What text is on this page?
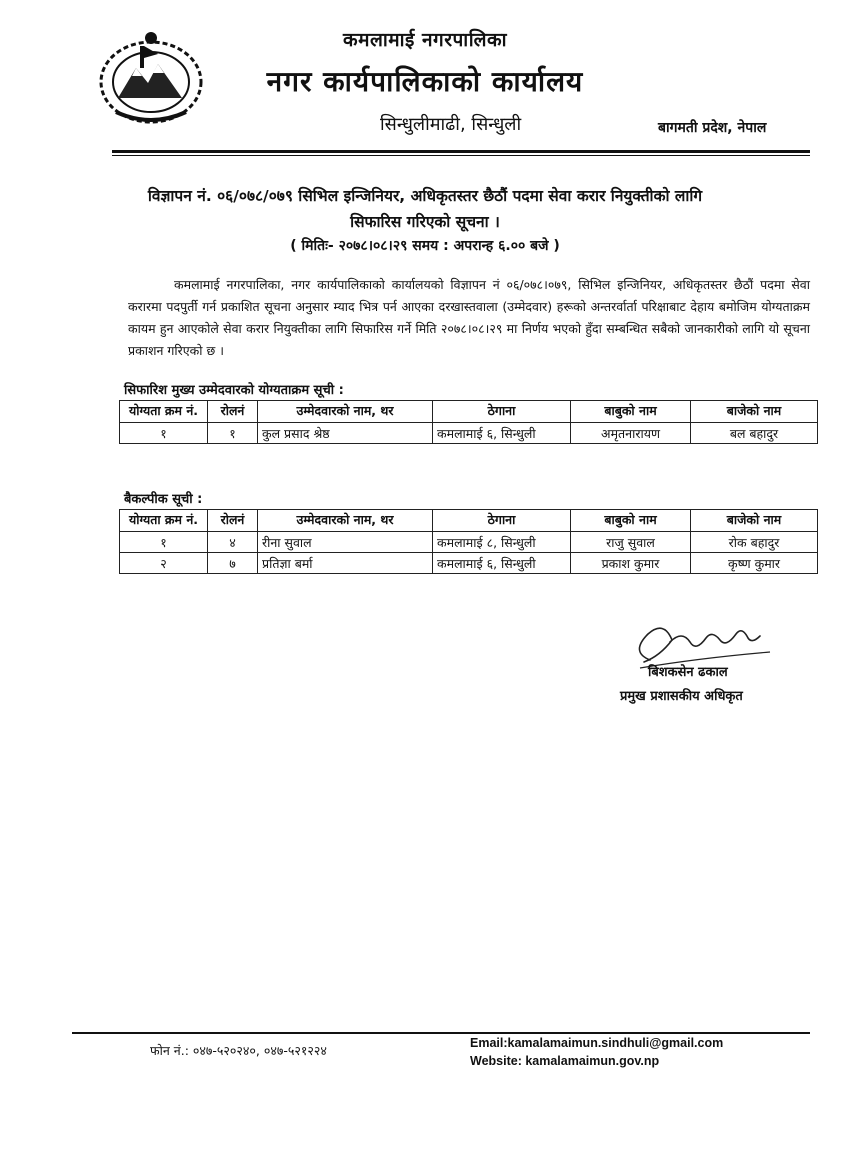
कमलामाई नगरपालिका
नगर कार्यपालिकाको कार्यालय
सिन्धुलीमाढी, सिन्धुली	बागमती प्रदेश, नेपाल
विज्ञापन नं. ०६/०७८/०७९ सिभिल इन्जिनियर, अधिकृतस्तर छैठौं पदमा सेवा करार नियुक्तीको लागि
सिफारिस गरिएको सूचना ।
( मितिः- २०७८।०८।२९ समय : अपरान्ह ६.०० बजे )
कमलामाई नगरपालिका, नगर कार्यपालिकाको कार्यालयको विज्ञापन नं ०६/०७८।०७९, सिभिल इन्जिनियर, अधिकृतस्तर छैठौं पदमा सेवा करारमा पदपुर्ती गर्न प्रकाशित सूचना अनुसार म्याद भित्र पर्न आएका दरखास्तवाला (उम्मेदवार) हरूको अन्तरर्वार्ता परिक्षाबाट देहाय बमोजिम योग्यताक्रम कायम हुन आएकोले सेवा करार नियुक्तीका लागि सिफारिस गर्ने मिति २०७८।०८।२९ मा निर्णय भएको हुँदा सम्बन्धित सबैको जानकारीको लागि यो सूचना प्रकाशन गरिएको छ ।
सिफारिश मुख्य उम्मेदवारको योग्यताक्रम सूची :
योग्यता क्रम नं.	रोलनं	उम्मेदवारको नाम, थर	ठेगाना	बाबुको नाम	बाजेको नाम
१	१	कुल प्रसाद श्रेष्ठ	कमलामाई ६, सिन्धुली	अमृतनारायण	बल बहादुर
बैकल्पीक सूची :
योग्यता क्रम नं.	रोलनं	उम्मेदवारको नाम, थर	ठेगाना	बाबुको नाम	बाजेको नाम
१	४	रीना सुवाल	कमलामाई ८, सिन्धुली	राजु सुवाल	रोक बहादुर
२	७	प्रतिज्ञा बर्मा	कमलामाई ६, सिन्धुली	प्रकाश कुमार	कृष्ण कुमार
बिशकसेन ढकाल
प्रमुख प्रशासकीय अधिकृत
फोन नं.: ०४७-५२०२४०, ०४७-५२१२२४	Email:kamalamaimun.sindhuli@gmail.com
Website: kamalamaimun.gov.np
